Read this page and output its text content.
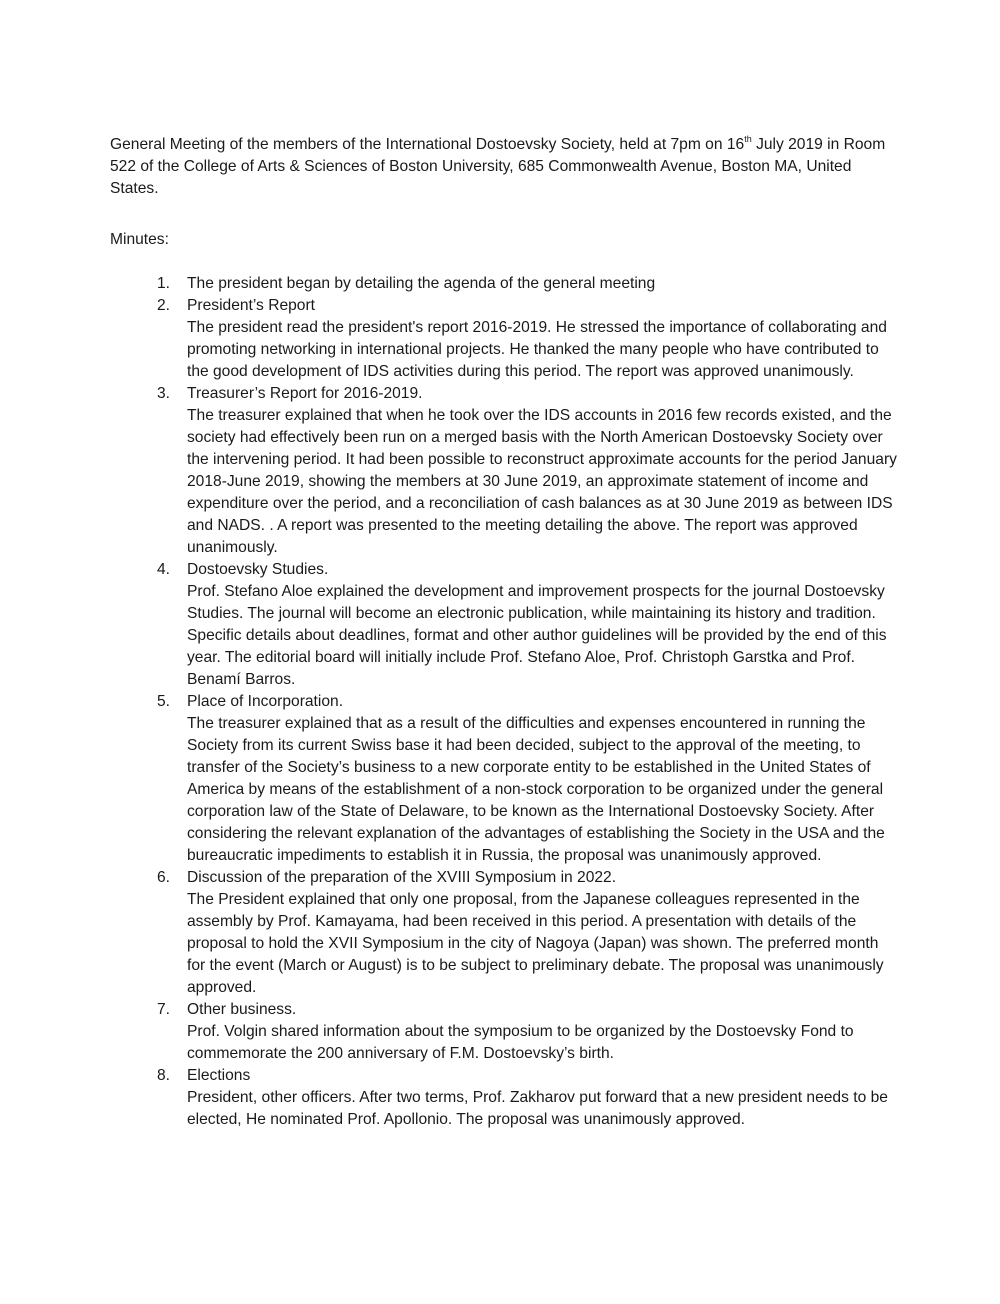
General Meeting of the members of the International Dostoevsky Society, held at 7pm on 16th July 2019 in Room 522 of the College of Arts & Sciences of Boston University, 685 Commonwealth Avenue, Boston MA, United States.

Minutes:

1.	The president began by detailing the agenda of the general meeting
2.	President’s Report
The president read the president's report 2016-2019. He stressed the importance of collaborating and promoting networking in international projects. He thanked the many people who have contributed to the good development of IDS activities during this period. The report was approved unanimously.
3.	Treasurer’s Report for 2016-2019.
The treasurer explained that when he took over the IDS accounts in 2016 few records existed, and the society had effectively been run on a merged basis with the North American Dostoevsky Society over the intervening period. It had been possible to reconstruct approximate accounts for the period January 2018-June 2019, showing the members at 30 June 2019, an approximate statement of income and expenditure over the period, and a reconciliation of cash balances as at 30 June 2019 as between IDS and NADS. . A report was presented to the meeting detailing the above. The report was approved unanimously.
4.	Dostoevsky Studies.
Prof. Stefano Aloe explained the development and improvement prospects for the journal Dostoevsky Studies. The journal will become an electronic publication, while maintaining its history and tradition. Specific details about deadlines, format and other author guidelines will be provided by the end of this year. The editorial board will initially include Prof. Stefano Aloe, Prof. Christoph Garstka and Prof. Benamí Barros.
5.	Place of Incorporation.
The treasurer explained that as a result of the difficulties and expenses encountered in running the Society from its current Swiss base it had been decided, subject to the approval of the meeting, to transfer of the Society’s business to a new corporate entity to be established in the United States of America by means of the establishment of a non-stock corporation to be organized under the general corporation law of the State of Delaware, to be known as the International Dostoevsky Society. After considering the relevant explanation of the advantages of establishing the Society in the USA and the bureaucratic impediments to establish it in Russia, the proposal was unanimously approved.
6.	Discussion of the preparation of the XVIII Symposium in 2022.
The President explained that only one proposal, from the Japanese colleagues represented in the assembly by Prof. Kamayama, had been received in this period. A presentation with details of the proposal to hold the XVII Symposium in the city of Nagoya (Japan) was shown. The preferred month for the event (March or August) is to be subject to preliminary debate. The proposal was unanimously approved.
7.	Other business.
Prof. Volgin shared information about the symposium to be organized by the Dostoevsky Fond to commemorate the 200 anniversary of F.M. Dostoevsky’s birth.
8.	Elections
President, other officers. After two terms, Prof. Zakharov put forward that a new president needs to be elected, He nominated Prof. Apollonio. The proposal was unanimously approved.
